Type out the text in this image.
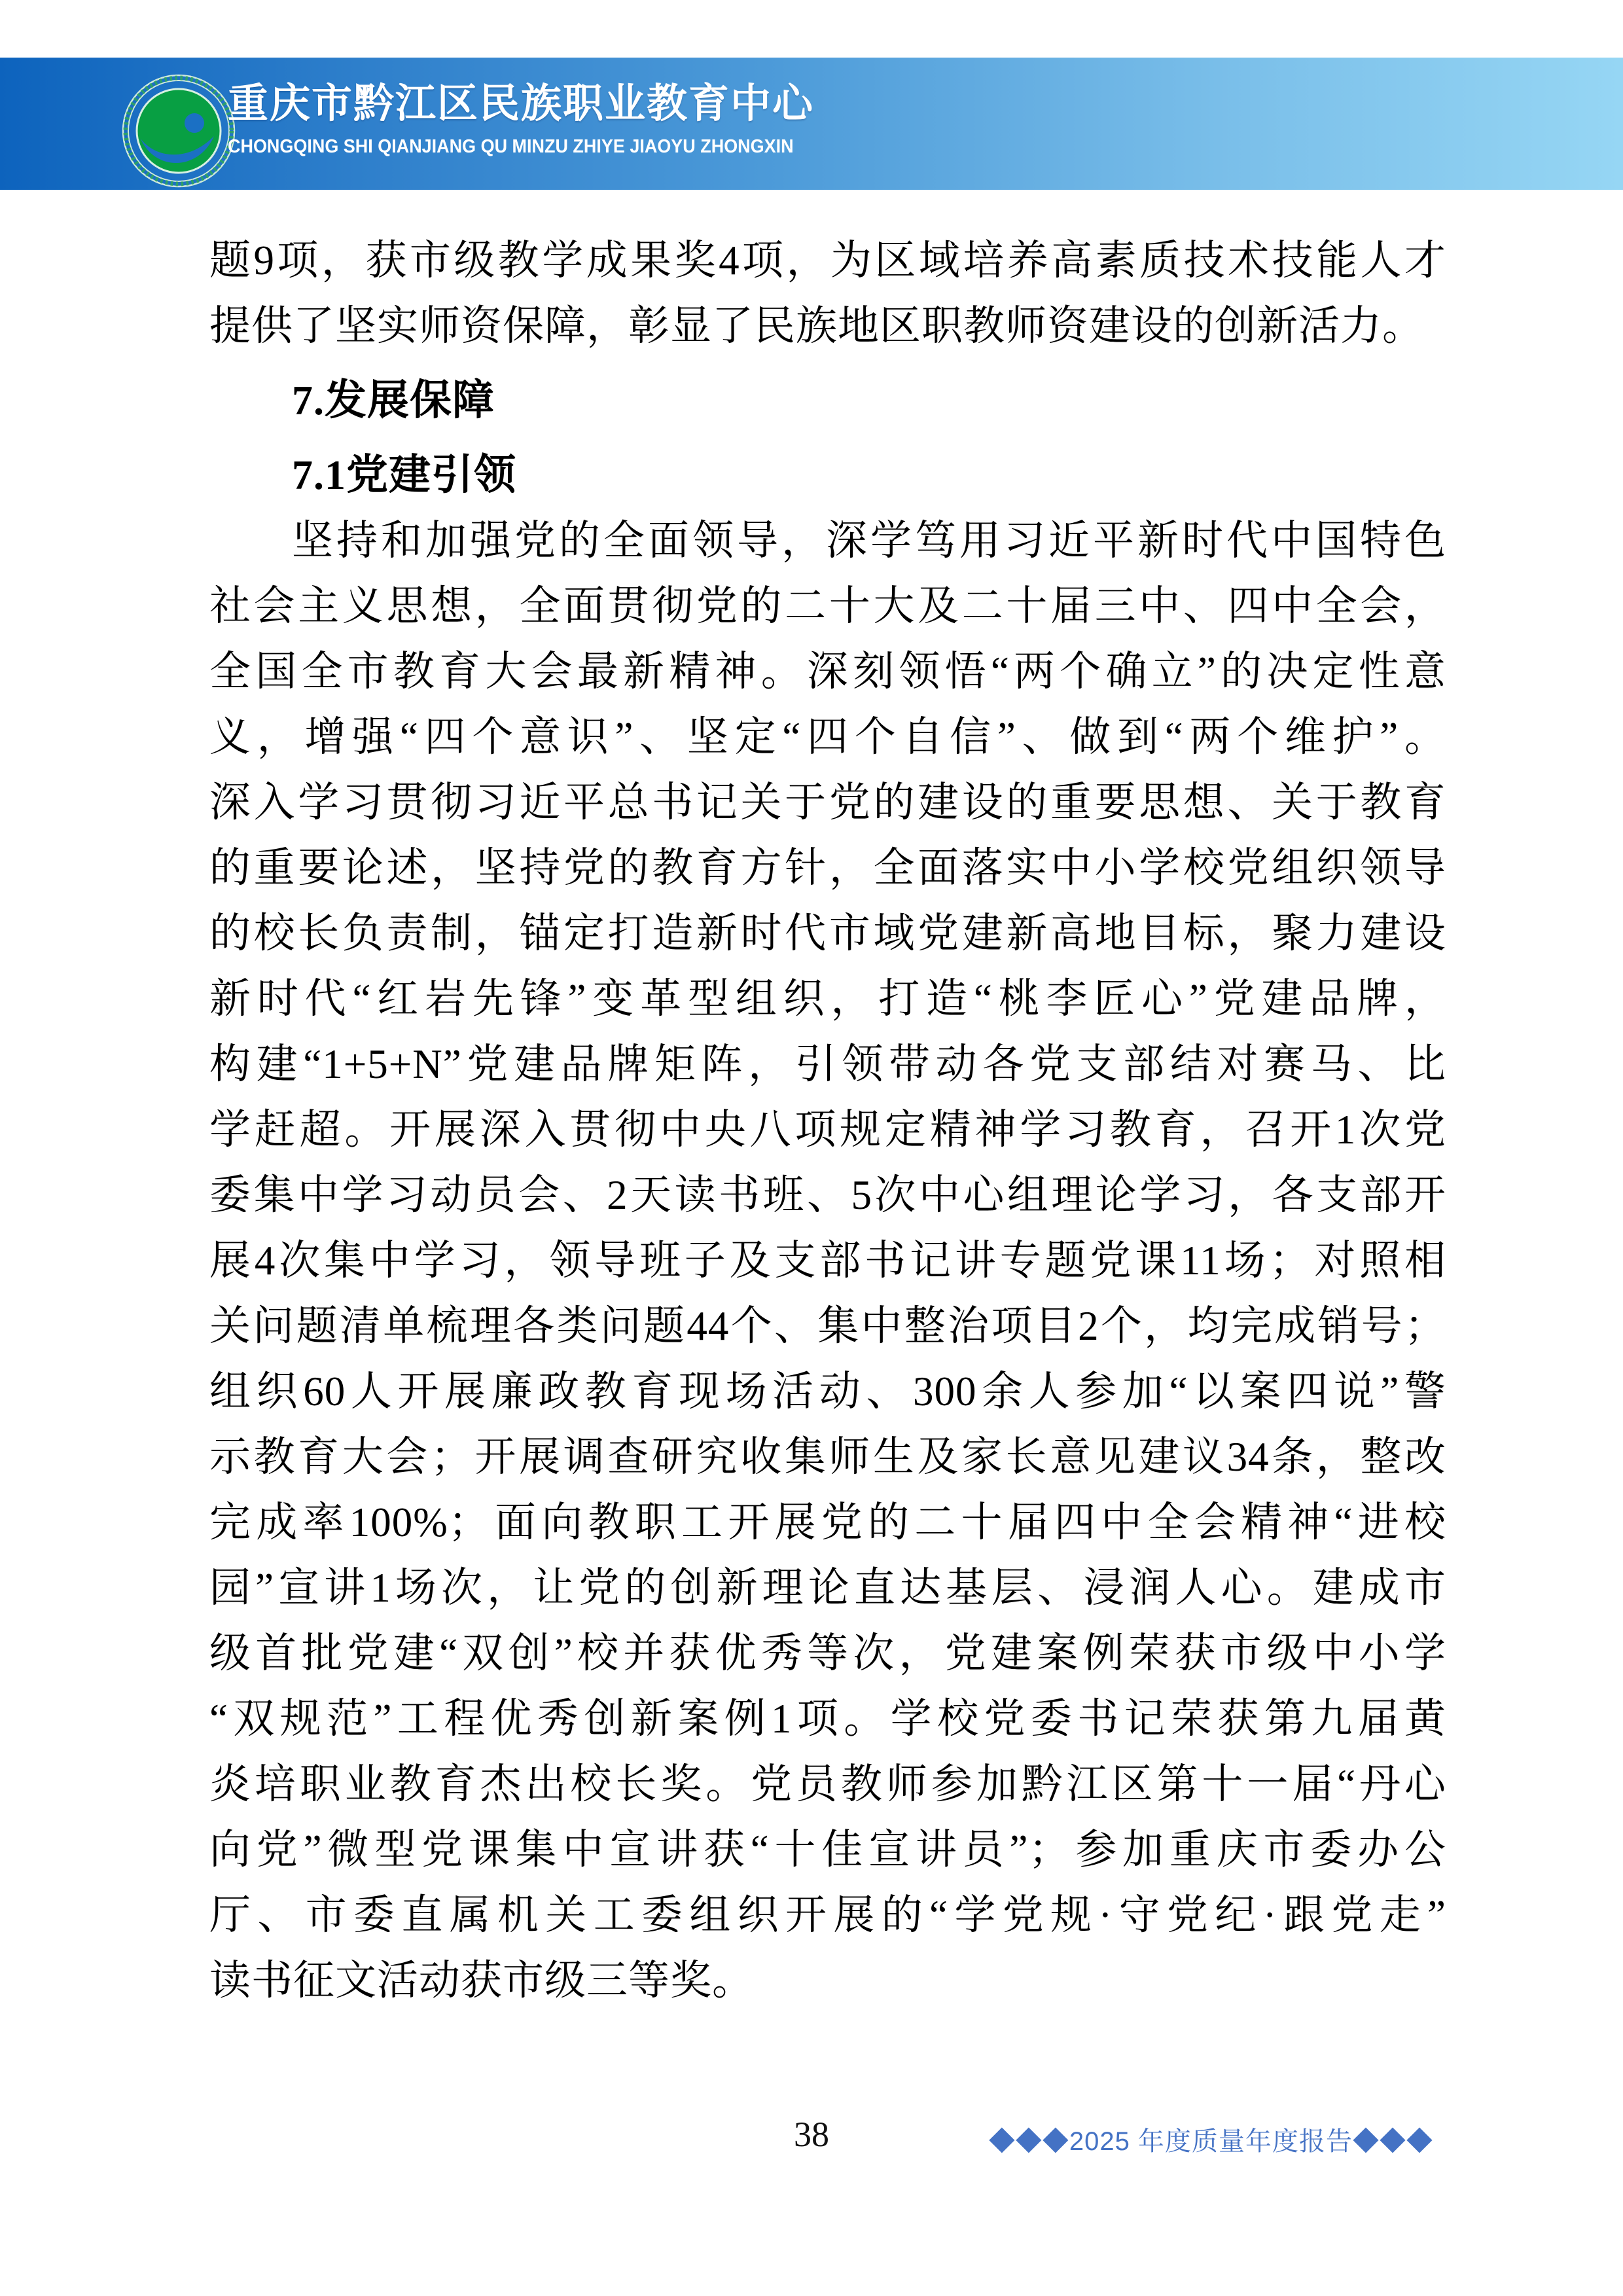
重庆市黔江区民族职业教育中心
CHONGQING SHI QIANJIANG QU MINZU ZHIYE JIAOYU ZHONGXIN
题9项，获市级教学成果奖4项，为区域培养高素质技术技能人才
提供了坚实师资保障，彰显了民族地区职教师资建设的创新活力。
7.发展保障
7.1党建引领
坚持和加强党的全面领导，深学笃用习近平新时代中国特色
社会主义思想，全面贯彻党的二十大及二十届三中、四中全会，
全国全市教育大会最新精神。深刻领悟“两个确立”的决定性意
义，增强“四个意识”、坚定“四个自信”、做到“两个维护”。
深入学习贯彻习近平总书记关于党的建设的重要思想、关于教育
的重要论述，坚持党的教育方针，全面落实中小学校党组织领导
的校长负责制，锚定打造新时代市域党建新高地目标，聚力建设
新时代“红岩先锋”变革型组织，打造“桃李匠心”党建品牌，
构建“1+5+N”党建品牌矩阵，引领带动各党支部结对赛马、比
学赶超。开展深入贯彻中央八项规定精神学习教育，召开1次党
委集中学习动员会、2天读书班、5次中心组理论学习，各支部开
展4次集中学习，领导班子及支部书记讲专题党课11场；对照相
关问题清单梳理各类问题44个、集中整治项目2个，均完成销号；
组织60人开展廉政教育现场活动、300余人参加“以案四说”警
示教育大会；开展调查研究收集师生及家长意见建议34条，整改
完成率100%；面向教职工开展党的二十届四中全会精神“进校
园”宣讲1场次，让党的创新理论直达基层、浸润人心。建成市
级首批党建“双创”校并获优秀等次，党建案例荣获市级中小学
“双规范”工程优秀创新案例1项。学校党委书记荣获第九届黄
炎培职业教育杰出校长奖。党员教师参加黔江区第十一届“丹心
向党”微型党课集中宣讲获“十佳宣讲员”；参加重庆市委办公
厅、市委直属机关工委组织开展的“学党规·守党纪·跟党走”
读书征文活动获市级三等奖。
38	◆◆◆2025 年度质量年度报告◆◆◆
